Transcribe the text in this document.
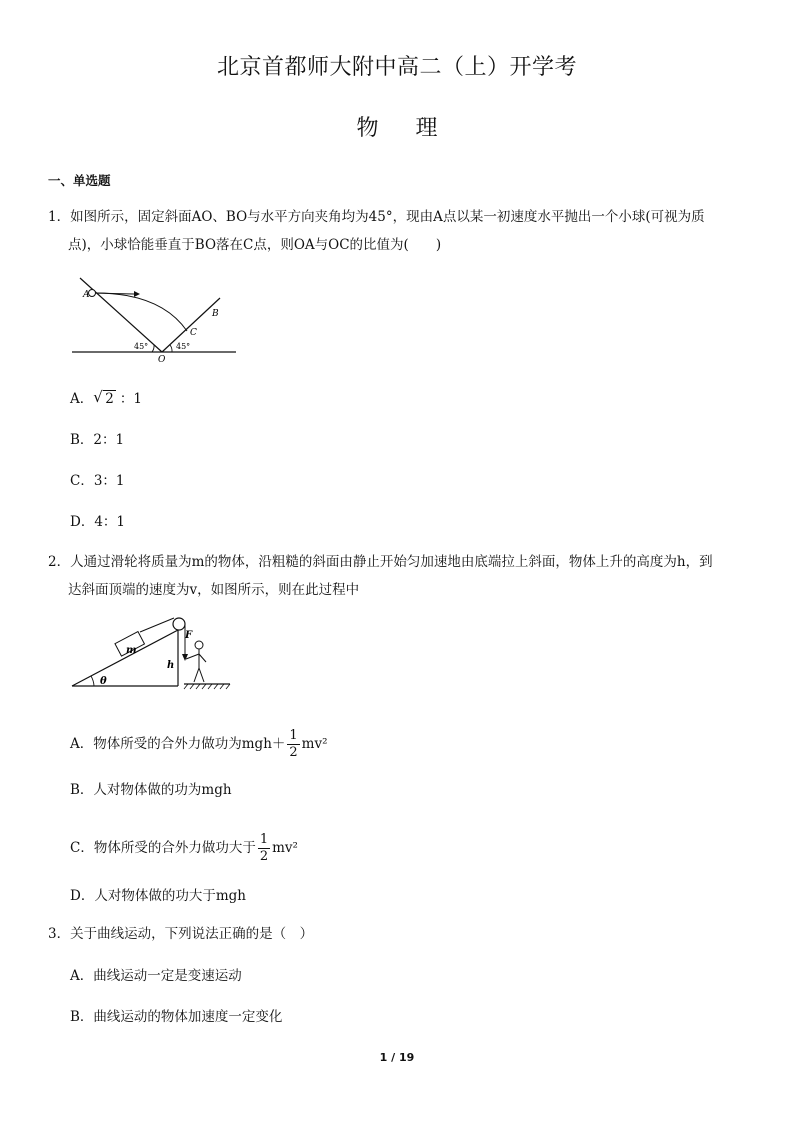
北京首都师大附中高二（上）开学考
物 理
一、单选题
1．如图所示，固定斜面AO、BO与水平方向夹角均为45°，现由A点以某一初速度水平抛出一个小球(可视为质

点)，小球恰能垂直于BO落在C点，则OA与OC的比值为(　　)
A
B
C
O
45°	45°
A． √ 2 ：1
B．2：1
C．3：1
D．4：1
2．人通过滑轮将质量为m的物体，沿粗糙的斜面由静止开始匀加速地由底端拉上斜面，物体上升的高度为h，到

达斜面顶端的速度为v，如图所示，则在此过程中
m
F
h
θ
A．物体所受的合外力做功为$mgh+ \frac{1}{2} mv^2$
B．人对物体做的功为mgh
C．物体所受的合外力做功大于 $\frac{1}{2} mv^2$
D．人对物体做的功大于mgh
3．关于曲线运动，下列说法正确的是（　）
A．曲线运动一定是变速运动
B．曲线运动的物体加速度一定变化
1 / 19
